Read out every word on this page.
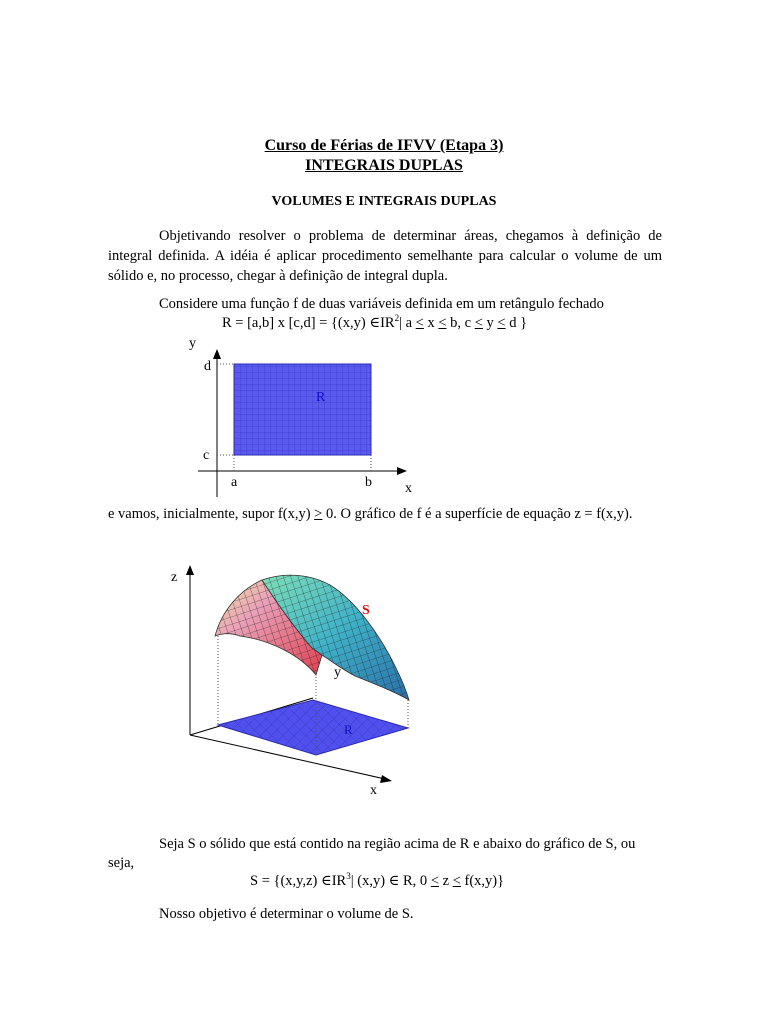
Curso de Férias de IFVV (Etapa 3)
INTEGRAIS DUPLAS
VOLUMES E INTEGRAIS DUPLAS
Objetivando resolver o problema de determinar áreas, chegamos à definição de integral definida. A idéia é aplicar procedimento semelhante para calcular o volume de um sólido e, no processo, chegar à definição de integral dupla.
Considere uma função f de duas variáveis definida em um retângulo fechado
R = [a,b] x [c,d] = {(x,y) $\in IR^2|$ a < x < b, c < y < d }
y
d
c
a	b x
R
e vamos, inicialmente, supor f(x,y) > 0. O gráfico de f é a superfície de equação z = f(x,y).
z
S
y
R
x
Seja S o sólido que está contido na região acima de R e abaixo do gráfico de S, ou
seja,
S = {(x,y,z) $\in IR^3|$ (x,y) ∈ R, 0 < z < f(x,y)}
Nosso objetivo é determinar o volume de S.
